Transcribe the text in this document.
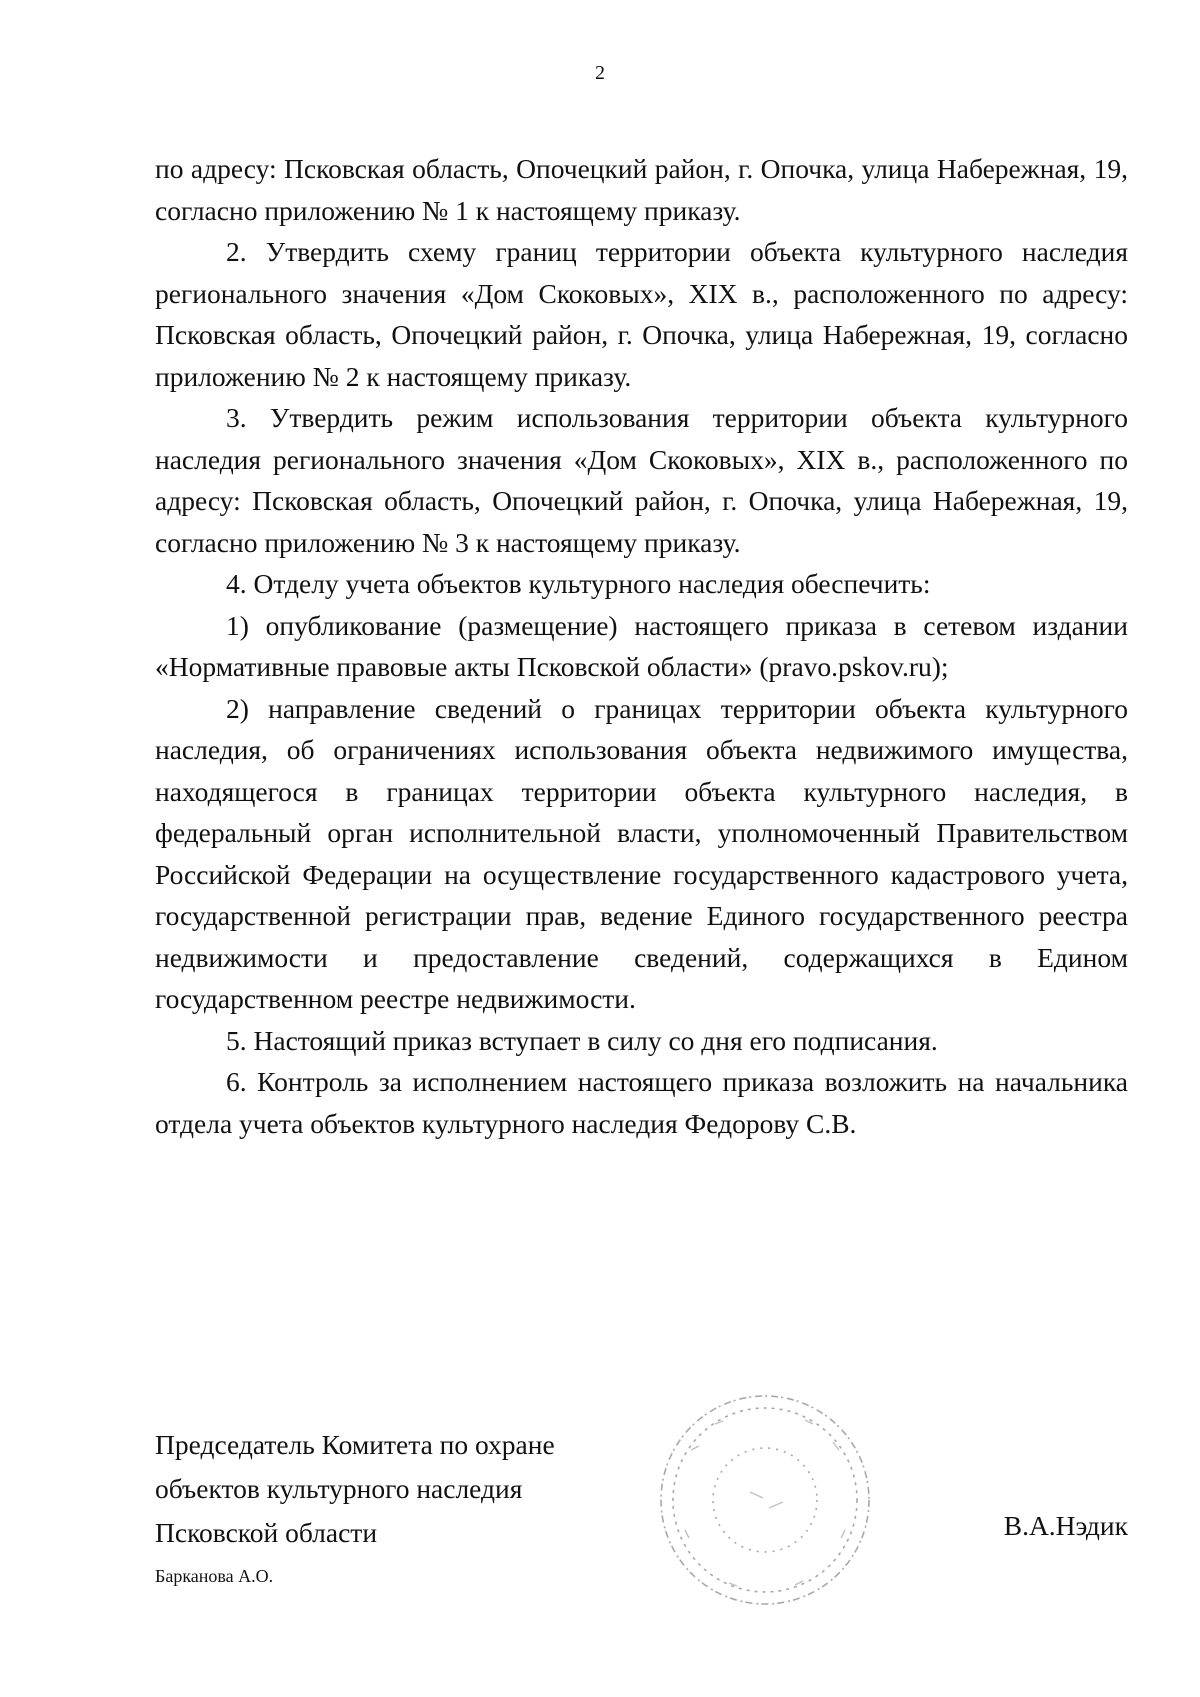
2

по адресу: Псковская область, Опочецкий район, г. Опочка, улица Набережная, 19, согласно приложению № 1 к настоящему приказу.

2. Утвердить схему границ территории объекта культурного наследия регионального значения «Дом Скоковых», XIX в., расположенного по адресу: Псковская область, Опочецкий район, г. Опочка, улица Набережная, 19, согласно приложению № 2 к настоящему приказу.

3. Утвердить режим использования территории объекта культурного наследия регионального значения «Дом Скоковых», XIX в., расположенного по адресу: Псковская область, Опочецкий район, г. Опочка, улица Набережная, 19, согласно приложению № 3 к настоящему приказу.

4. Отделу учета объектов культурного наследия обеспечить:

1) опубликование (размещение) настоящего приказа в сетевом издании «Нормативные правовые акты Псковской области» (pravo.pskov.ru);

2) направление сведений о границах территории объекта культурного наследия, об ограничениях использования объекта недвижимого имущества, находящегося в границах территории объекта культурного наследия, в федеральный орган исполнительной власти, уполномоченный Правительством Российской Федерации на осуществление государственного кадастрового учета, государственной регистрации прав, ведение Единого государственного реестра недвижимости и предоставление сведений, содержащихся в Едином государственном реестре недвижимости.

5. Настоящий приказ вступает в силу со дня его подписания.

6. Контроль за исполнением настоящего приказа возложить на начальника отдела учета объектов культурного наследия Федорову С.В.

Председатель Комитета по охране
объектов культурного наследия
Псковской области
Барканова А.О.
В.А.Нэдик
